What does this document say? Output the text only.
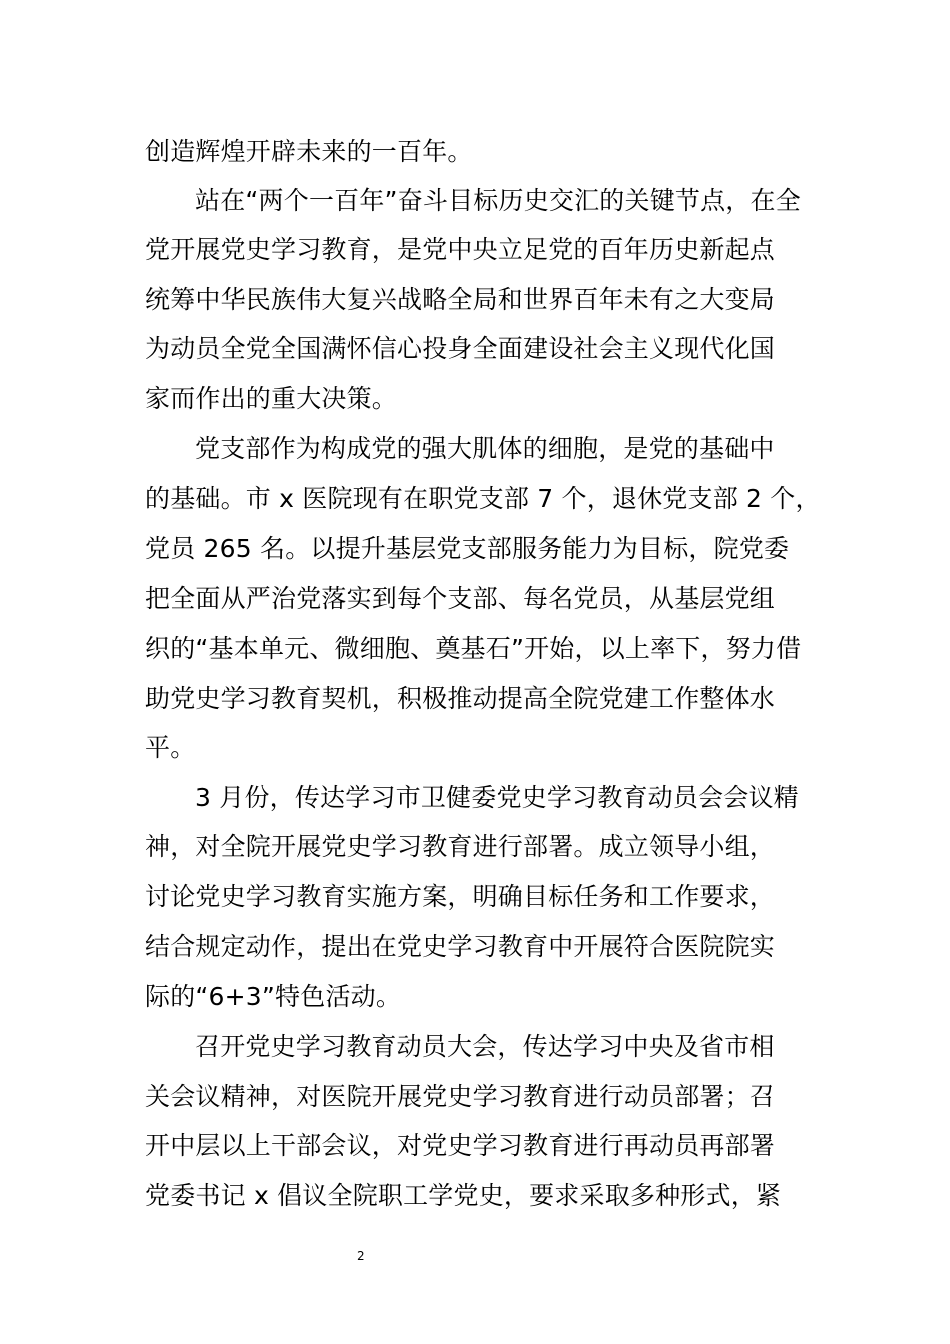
创造辉煌开辟未来的一百年。
站在“两个一百年”奋斗目标历史交汇的关键节点，在全
党开展党史学习教育，是党中央立足党的百年历史新起点
统筹中华民族伟大复兴战略全局和世界百年未有之大变局
为动员全党全国满怀信心投身全面建设社会主义现代化国
家而作出的重大决策。
党支部作为构成党的强大肌体的细胞，是党的基础中
的基础。市 x 医院现有在职党支部 7 个，退休党支部 2 个，
党员 265 名。以提升基层党支部服务能力为目标，院党委
把全面从严治党落实到每个支部、每名党员，从基层党组
织的“基本单元、微细胞、奠基石”开始，以上率下，努力借
助党史学习教育契机，积极推动提高全院党建工作整体水
平。
3 月份，传达学习市卫健委党史学习教育动员会会议精
神，对全院开展党史学习教育进行部署。成立领导小组，
讨论党史学习教育实施方案，明确目标任务和工作要求，
结合规定动作，提出在党史学习教育中开展符合医院院实
际的“6+3”特色活动。
召开党史学习教育动员大会，传达学习中央及省市相
关会议精神，对医院开展党史学习教育进行动员部署；召
开中层以上干部会议，对党史学习教育进行再动员再部署
党委书记 x 倡议全院职工学党史，要求采取多种形式，紧
2
